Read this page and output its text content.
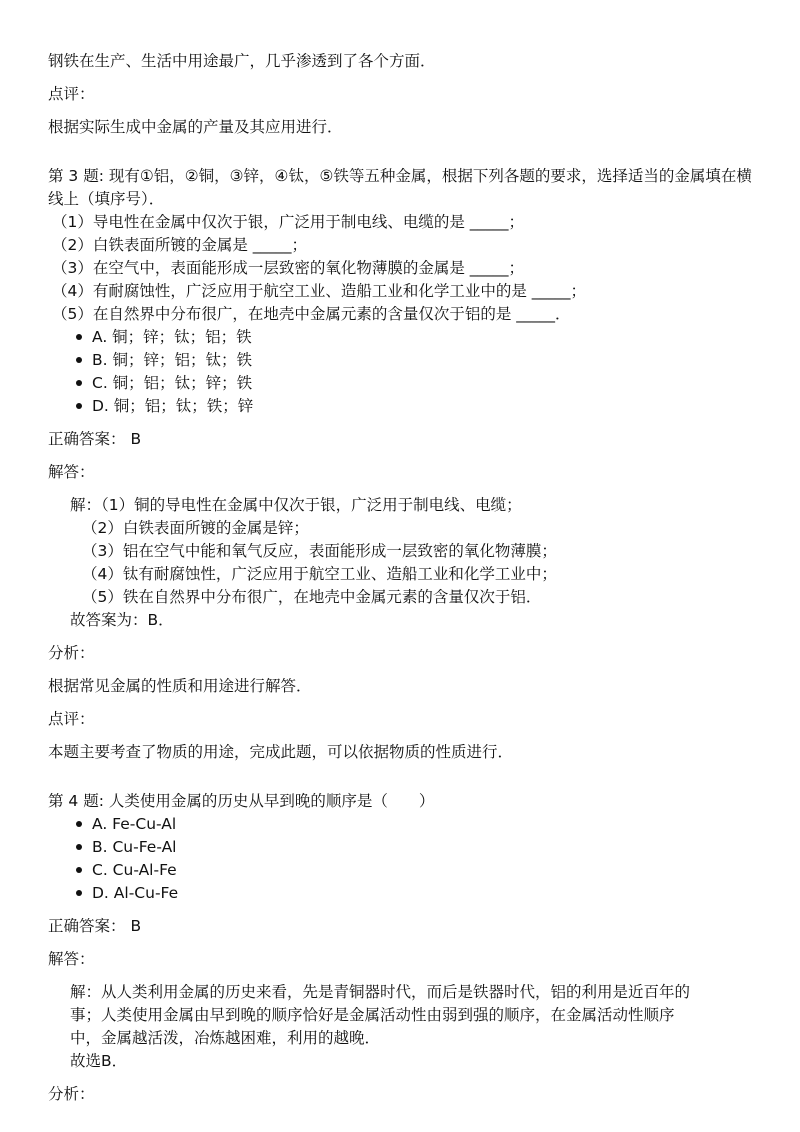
钢铁在生产、生活中用途最广，几乎渗透到了各个方面．

点评：

根据实际生成中金属的产量及其应用进行．

第 3 题: 现有①铝，②铜，③锌，④钛，⑤铁等五种金属，根据下列各题的要求，选择适当的金属填在横线上（填序号）．

（1）导电性在金属中仅次于银，广泛用于制电线、电缆的是 _____；
（2）白铁表面所镀的金属是 _____；
（3）在空气中，表面能形成一层致密的氧化物薄膜的金属是 _____；
（4）有耐腐蚀性，广泛应用于航空工业、造船工业和化学工业中的是 _____；
（5）在自然界中分布很广，在地壳中金属元素的含量仅次于铝的是 _____．
A. 铜；锌；钛；铝；铁
B. 铜；锌；铝；钛；铁
C. 铜；铝；钛；锌；铁
D. 铜；铝；钛；铁；锌

正确答案： B

解答：

解：（1）铜的导电性在金属中仅次于银，广泛用于制电线、电缆；
（2）白铁表面所镀的金属是锌；
（3）铝在空气中能和氧气反应，表面能形成一层致密的氧化物薄膜；
（4）钛有耐腐蚀性，广泛应用于航空工业、造船工业和化学工业中；
（5）铁在自然界中分布很广，在地壳中金属元素的含量仅次于铝．
故答案为：B．

分析：

根据常见金属的性质和用途进行解答．

点评：

本题主要考查了物质的用途，完成此题，可以依据物质的性质进行．

第 4 题: 人类使用金属的历史从早到晚的顺序是（　　）

A. Fe-Cu-Al
B. Cu-Fe-Al
C. Cu-Al-Fe
D. Al-Cu-Fe

正确答案： B

解答：

解：从人类利用金属的历史来看，先是青铜器时代，而后是铁器时代，铝的利用是近百年的
事；人类使用金属由早到晚的顺序恰好是金属活动性由弱到强的顺序，在金属活动性顺序
中，金属越活泼，冶炼越困难，利用的越晚．
故选B．

分析：
